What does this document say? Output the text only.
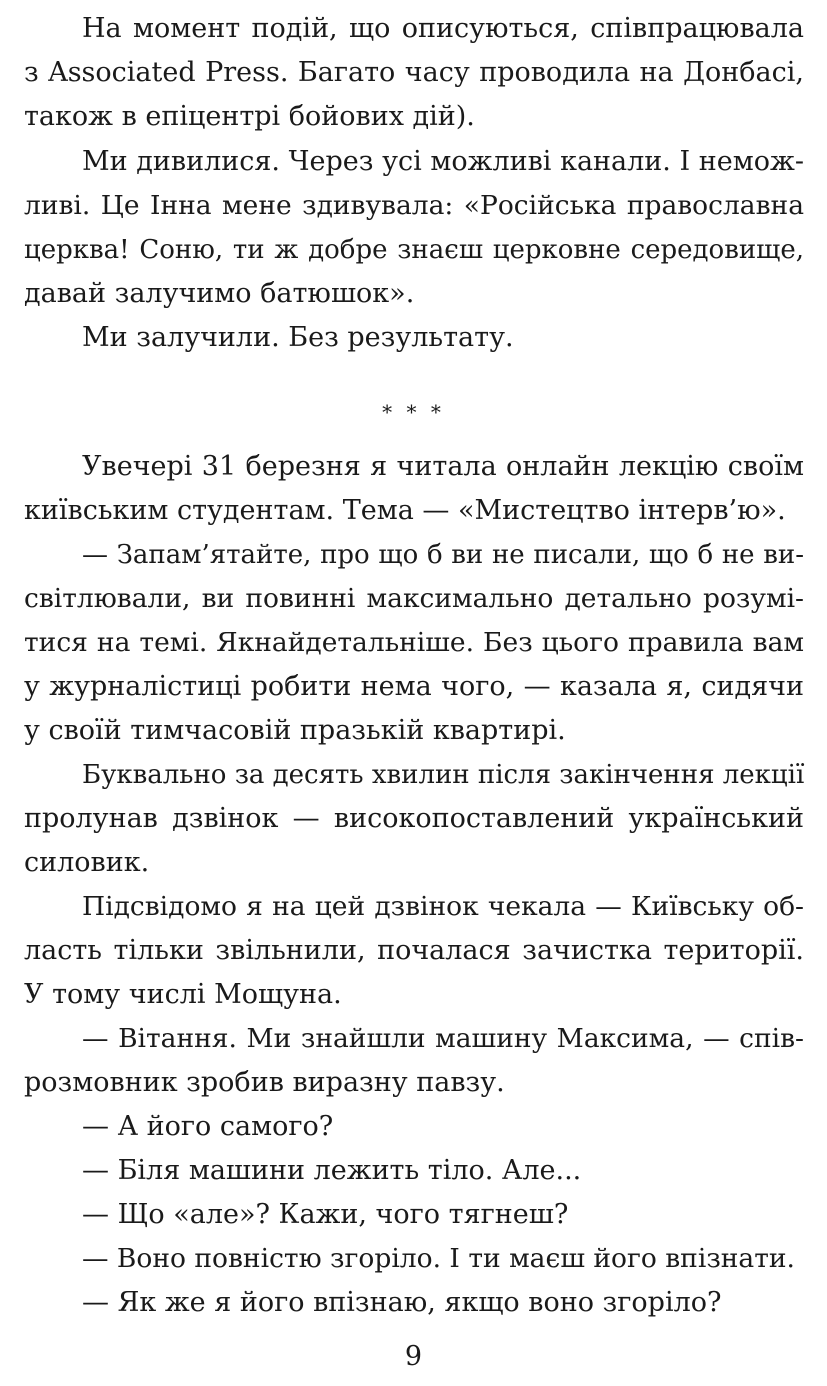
На момент подій, що описуються, співпрацювала
з Associated Press. Багато часу проводила на Донбасі,
також в епіцентрі бойових дій).
Ми дивилися. Через усі можливі канали. І немож-
ливі. Це Інна мене здивувала: «Російська православна
церква! Соню, ти ж добре знаєш церковне середовище,
давай залучимо батюшок».
Ми залучили. Без результату.
* * *
Увечері 31 березня я читала онлайн лекцію своїм
київським студентам. Тема — «Мистецтво інтерв’ю».
— Запам’ятайте, про що б ви не писали, що б не ви-
світлювали, ви повинні максимально детально розумі-
тися на темі. Якнайдетальніше. Без цього правила вам
у журналістиці робити нема чого, — казала я, сидячи
у своїй тимчасовій празькій квартирі.
Буквально за десять хвилин після закінчення лекції
пролунав дзвінок — високопоставлений український
силовик.
Підсвідомо я на цей дзвінок чекала — Київську об-
ласть тільки звільнили, почалася зачистка території.
У тому числі Мощуна.
— Вітання. Ми знайшли машину Максима, — спів-
розмовник зробив виразну павзу.
— А його самого?
— Біля машини лежить тіло. Але...
— Що «але»? Кажи, чого тягнеш?
— Воно повністю згоріло. І ти маєш його впізнати.
— Як же я його впізнаю, якщо воно згоріло?
9
